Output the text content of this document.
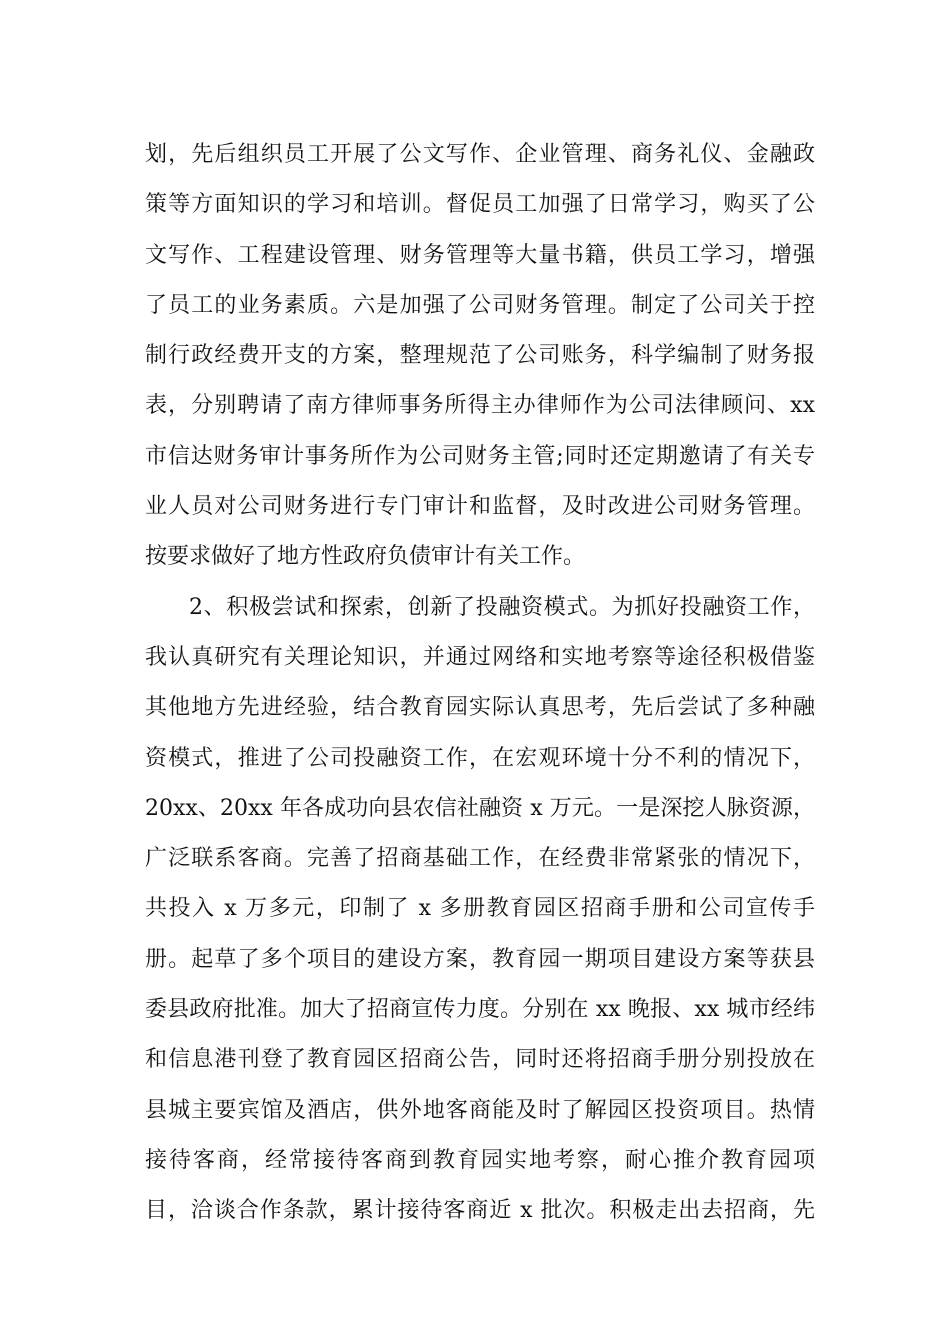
划，先后组织员工开展了公文写作、企业管理、商务礼仪、金融政
策等方面知识的学习和培训。督促员工加强了日常学习，购买了公
文写作、工程建设管理、财务管理等大量书籍，供员工学习，增强
了员工的业务素质。六是加强了公司财务管理。制定了公司关于控
制行政经费开支的方案，整理规范了公司账务，科学编制了财务报
表，分别聘请了南方律师事务所得主办律师作为公司法律顾问、xx
市信达财务审计事务所作为公司财务主管;同时还定期邀请了有关专
业人员对公司财务进行专门审计和监督，及时改进公司财务管理。
按要求做好了地方性政府负债审计有关工作。
2、积极尝试和探索，创新了投融资模式。为抓好投融资工作，
我认真研究有关理论知识，并通过网络和实地考察等途径积极借鉴
其他地方先进经验，结合教育园实际认真思考，先后尝试了多种融
资模式，推进了公司投融资工作，在宏观环境十分不利的情况下，
20xx、20xx 年各成功向县农信社融资 x 万元。一是深挖人脉资源，
广泛联系客商。完善了招商基础工作，在经费非常紧张的情况下，
共投入 x 万多元，印制了 x 多册教育园区招商手册和公司宣传手
册。起草了多个项目的建设方案，教育园一期项目建设方案等获县
委县政府批准。加大了招商宣传力度。分别在 xx 晚报、xx 城市经纬
和信息港刊登了教育园区招商公告，同时还将招商手册分别投放在
县城主要宾馆及酒店，供外地客商能及时了解园区投资项目。热情
接待客商，经常接待客商到教育园实地考察，耐心推介教育园项
目，洽谈合作条款，累计接待客商近 x 批次。积极走出去招商，先
